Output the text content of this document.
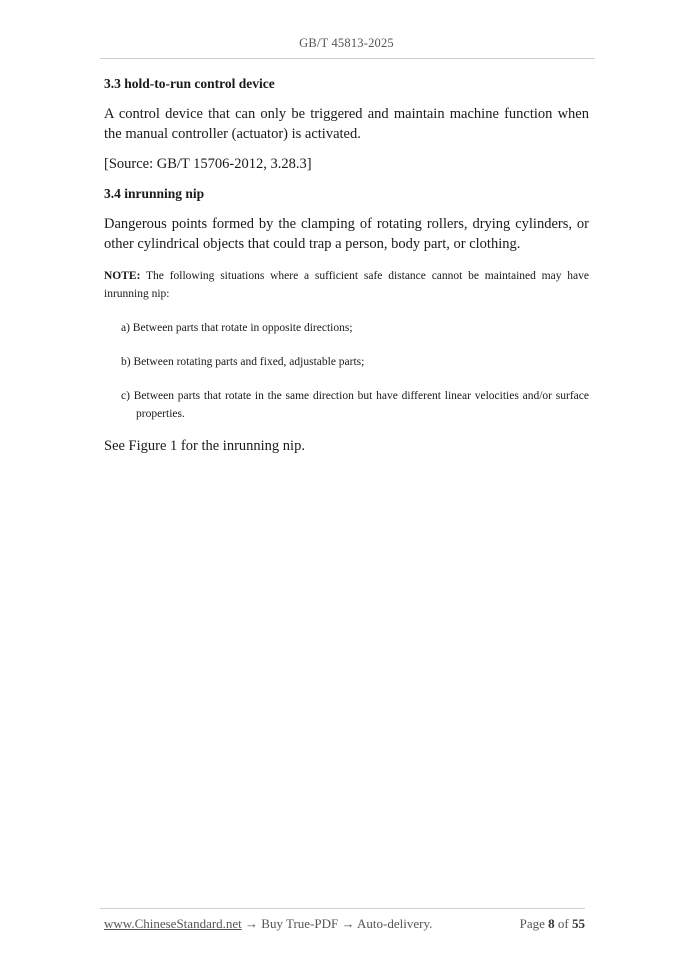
GB/T 45813-2025

3.3 hold-to-run control device

A control device that can only be triggered and maintain machine function when the manual controller (actuator) is activated.

[Source: GB/T 15706-2012, 3.28.3]

3.4 inrunning nip

Dangerous points formed by the clamping of rotating rollers, drying cylinders, or other cylindrical objects that could trap a person, body part, or clothing.

NOTE: The following situations where a sufficient safe distance cannot be maintained may have inrunning nip:

a) Between parts that rotate in opposite directions;

b) Between rotating parts and fixed, adjustable parts;

c) Between parts that rotate in the same direction but have different linear velocities and/or surface properties.

See Figure 1 for the inrunning nip.

www.ChineseStandard.net → Buy True-PDF → Auto-delivery.	Page 8 of 55
